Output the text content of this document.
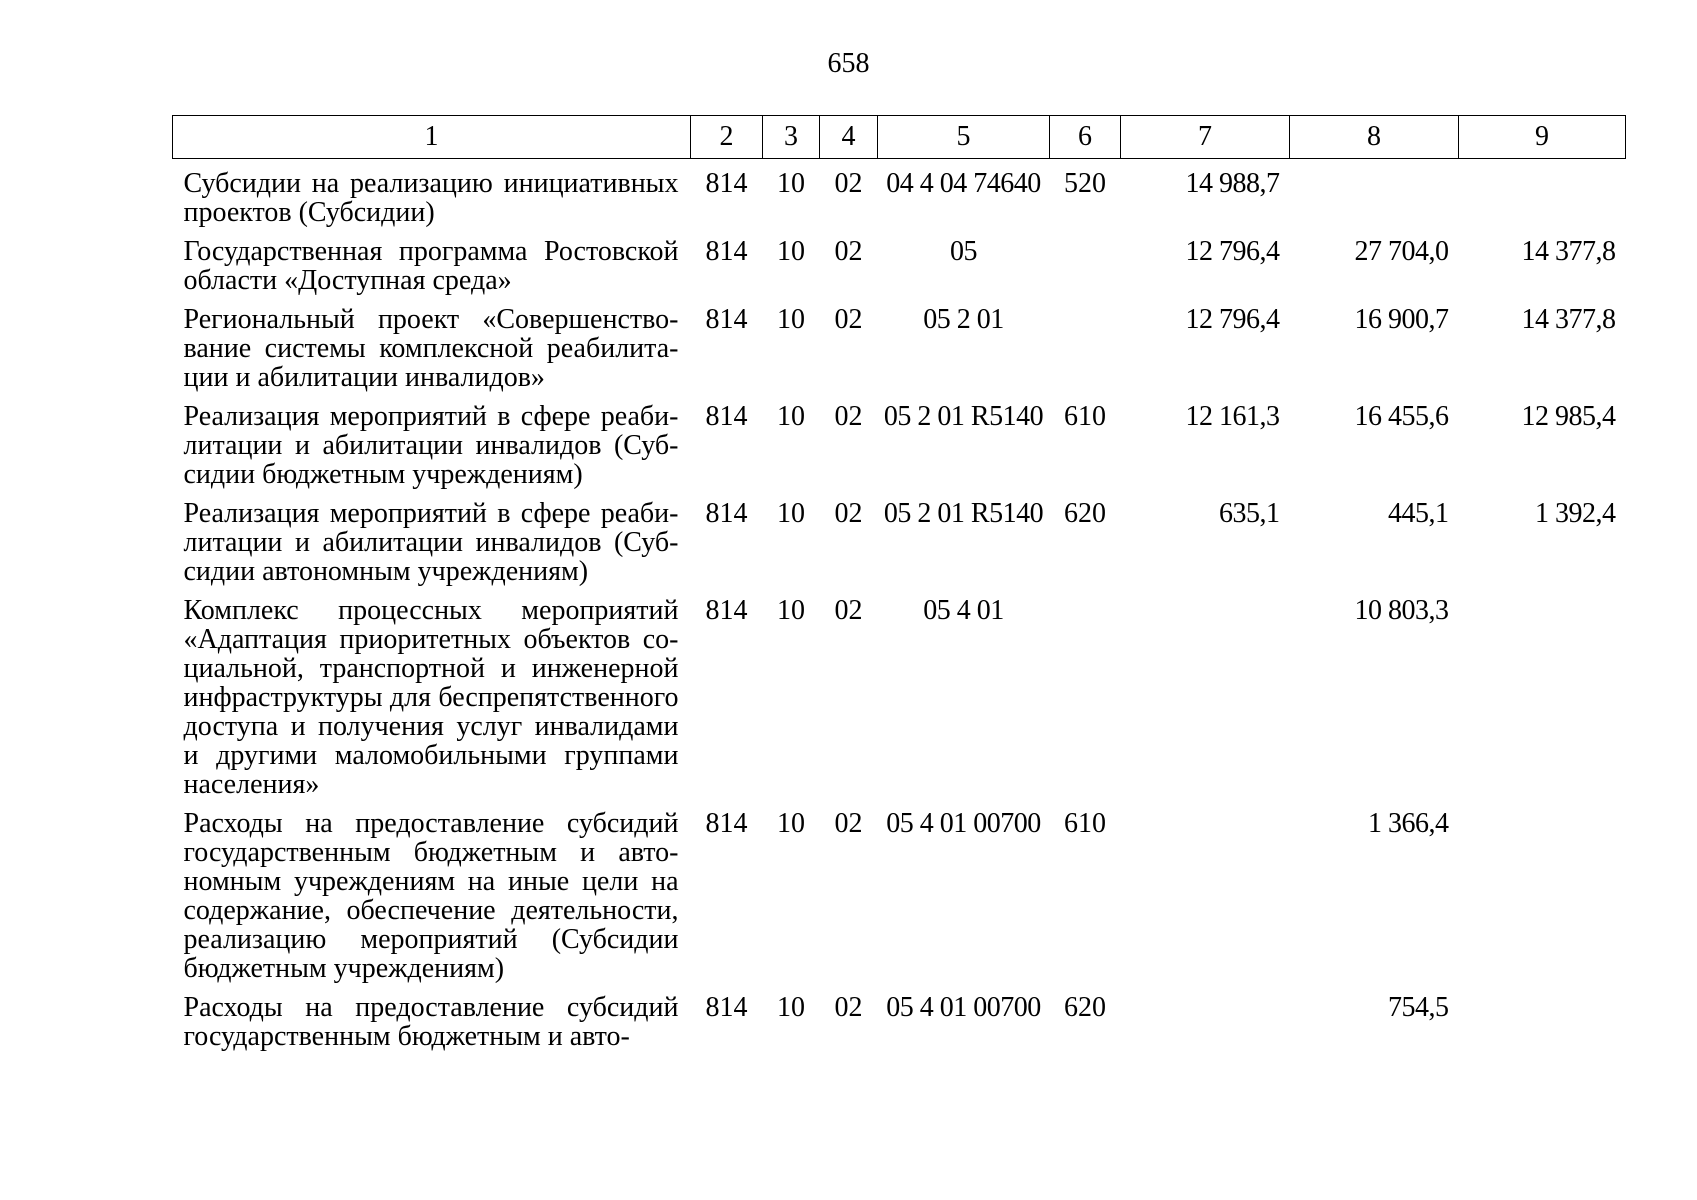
658
1	2	3	4	5	6	7	8	9
Субсидии на реализацию инициативных проектов (Субсидии)	814	10	02	04 4 04 74640	520	14 988,7		
Государственная программа Ростовской области «Доступная среда»	814	10	02	05		12 796,4	27 704,0	14 377,8
Региональный проект «Совершенствование системы комплексной реабилитации и абилитации инвалидов»	814	10	02	05 2 01		12 796,4	16 900,7	14 377,8
Реализация мероприятий в сфере реабилитации и абилитации инвалидов (Субсидии бюджетным учреждениям)	814	10	02	05 2 01 R5140	610	12 161,3	16 455,6	12 985,4
Реализация мероприятий в сфере реабилитации и абилитации инвалидов (Субсидии автономным учреждениям)	814	10	02	05 2 01 R5140	620	635,1	445,1	1 392,4
Комплекс процессных мероприятий «Адаптация приоритетных объектов социальной, транспортной и инженерной инфраструктуры для беспрепятственного доступа и получения услуг инвалидами и другими маломобильными группами населения»	814	10	02	05 4 01			10 803,3	
Расходы на предоставление субсидий государственным бюджетным и автономным учреждениям на иные цели на содержание, обеспечение деятельности, реализацию мероприятий (Субсидии бюджетным учреждениям)	814	10	02	05 4 01 00700	610		1 366,4	
Расходы на предоставление субсидий государственным бюджетным и авто-	814	10	02	05 4 01 00700	620		754,5	
